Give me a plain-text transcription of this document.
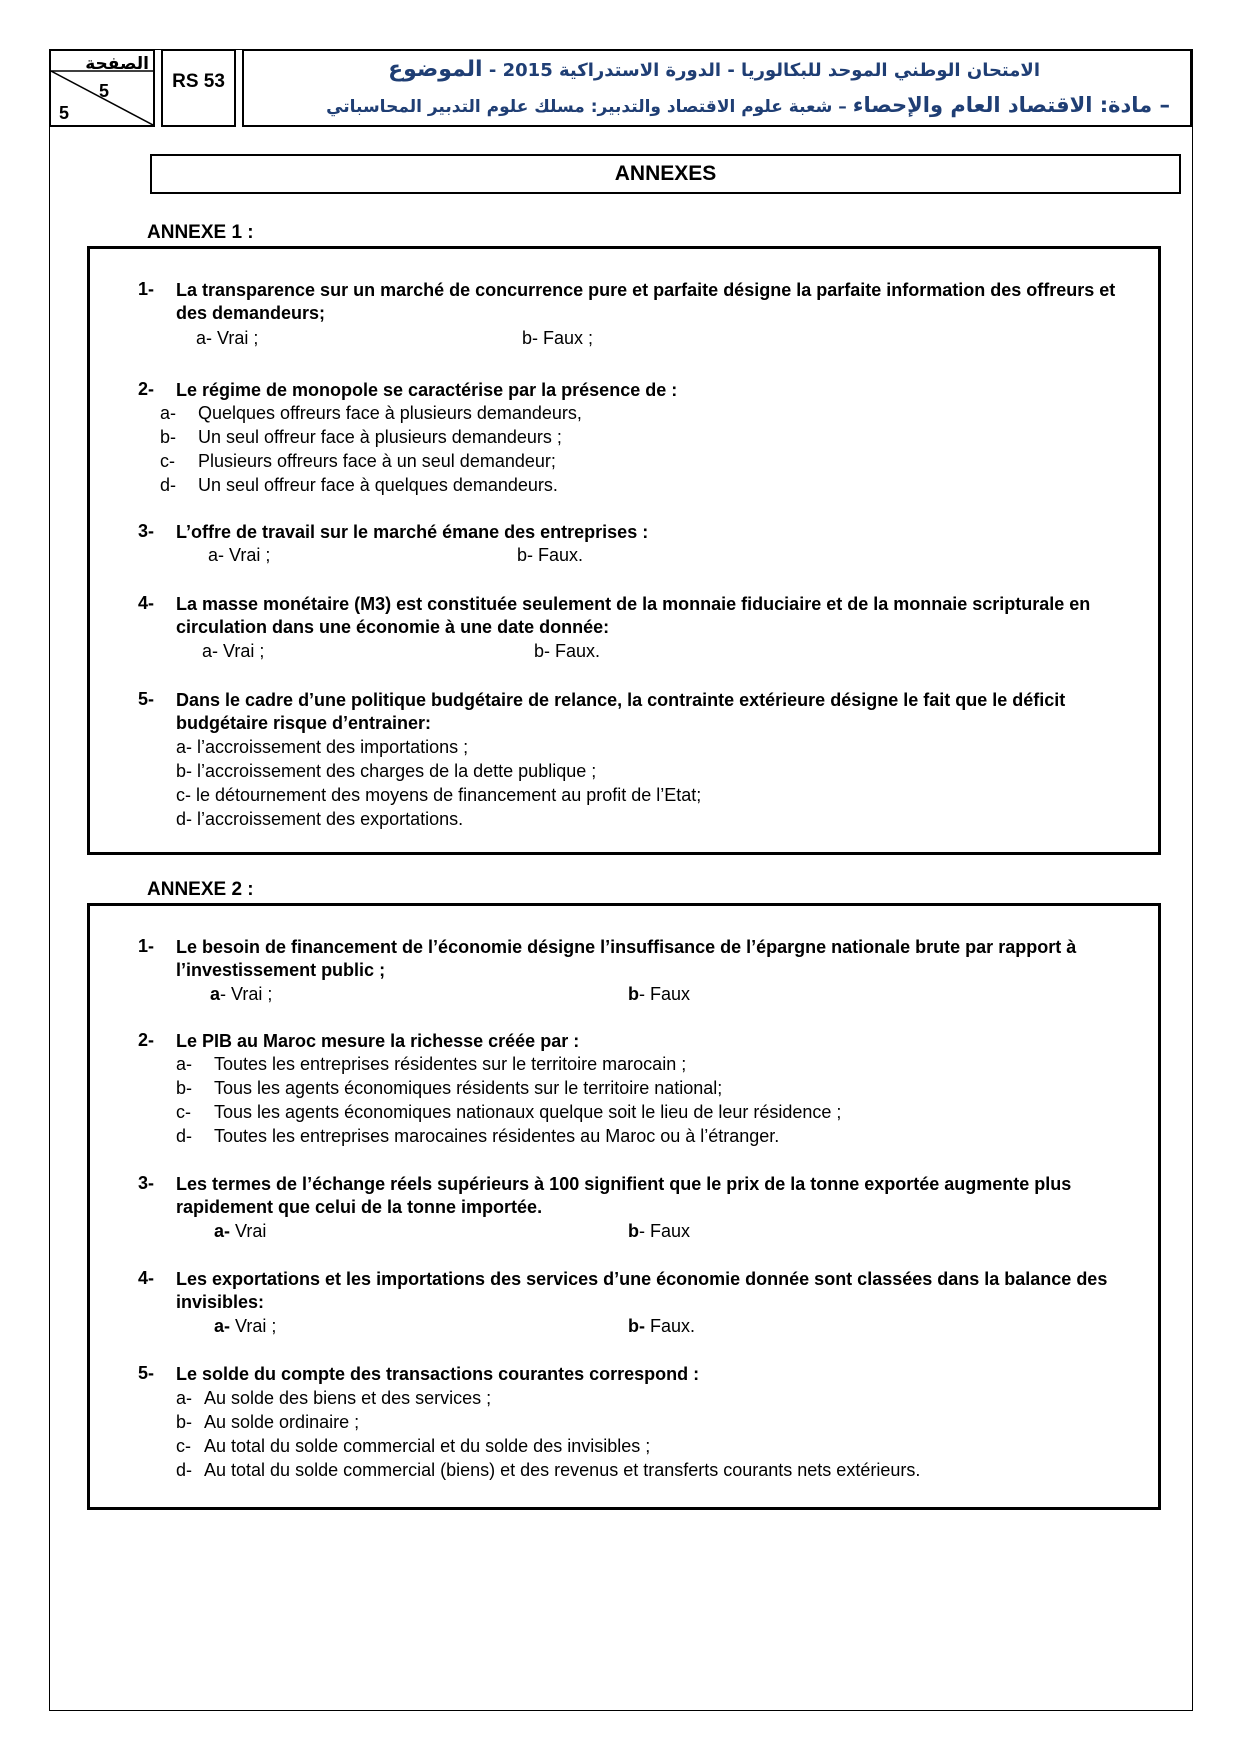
الصفحة
5
5
RS 53
الامتحان الوطني الموحد للبكالوريا - الدورة الاستدراكية 2015 - الموضوع
– مادة: الاقتصاد العام والإحصاء – شعبة علوم الاقتصاد والتدبير: مسلك علوم التدبير المحاسباتي
ANNEXES
ANNEXE 1 :
1- La transparence sur un marché de concurrence pure et parfaite désigne la parfaite information des offreurs et des demandeurs;
a- Vrai ;	b- Faux ;
2- Le régime de monopole se caractérise par la présence de :
a- Quelques offreurs face à plusieurs demandeurs,
b- Un seul offreur face à plusieurs demandeurs ;
c- Plusieurs offreurs face à un seul demandeur;
d- Un seul offreur face à quelques demandeurs.
3- L’offre de travail sur le marché émane des entreprises :
a- Vrai ;	b- Faux.
4- La masse monétaire (M3) est constituée seulement de la monnaie fiduciaire et de la monnaie scripturale en circulation dans une économie à une date donnée:
a- Vrai ;	b- Faux.
5- Dans le cadre d’une politique budgétaire de relance, la contrainte extérieure désigne le fait que le déficit budgétaire risque d’entrainer:
a- l’accroissement des importations ;
b- l’accroissement des charges de la dette publique ;
c- le détournement des moyens de financement au profit de l’Etat;
d- l’accroissement des exportations.
ANNEXE 2 :
1- Le besoin de financement de l’économie désigne l’insuffisance de l’épargne nationale brute par rapport à l’investissement public ;
a- Vrai ;	b- Faux
2- Le PIB au Maroc mesure la richesse créée par :
a- Toutes les entreprises résidentes sur le territoire marocain ;
b- Tous les agents économiques résidents sur le territoire national;
c- Tous les agents économiques nationaux quelque soit le lieu de leur résidence ;
d- Toutes les entreprises marocaines résidentes au Maroc ou à l’étranger.
3- Les termes de l’échange réels supérieurs à 100 signifient que le prix de la tonne exportée augmente plus rapidement que celui de la tonne importée.
a- Vrai	b- Faux
4- Les exportations et les importations des services d’une économie donnée sont classées dans la balance des invisibles:
a- Vrai ;	b- Faux.
5- Le solde du compte des transactions courantes correspond :
a- Au solde des biens et des services ;
b- Au solde ordinaire ;
c- Au total du solde commercial et du solde des invisibles ;
d- Au total du solde commercial (biens) et des revenus et transferts courants nets extérieurs.
